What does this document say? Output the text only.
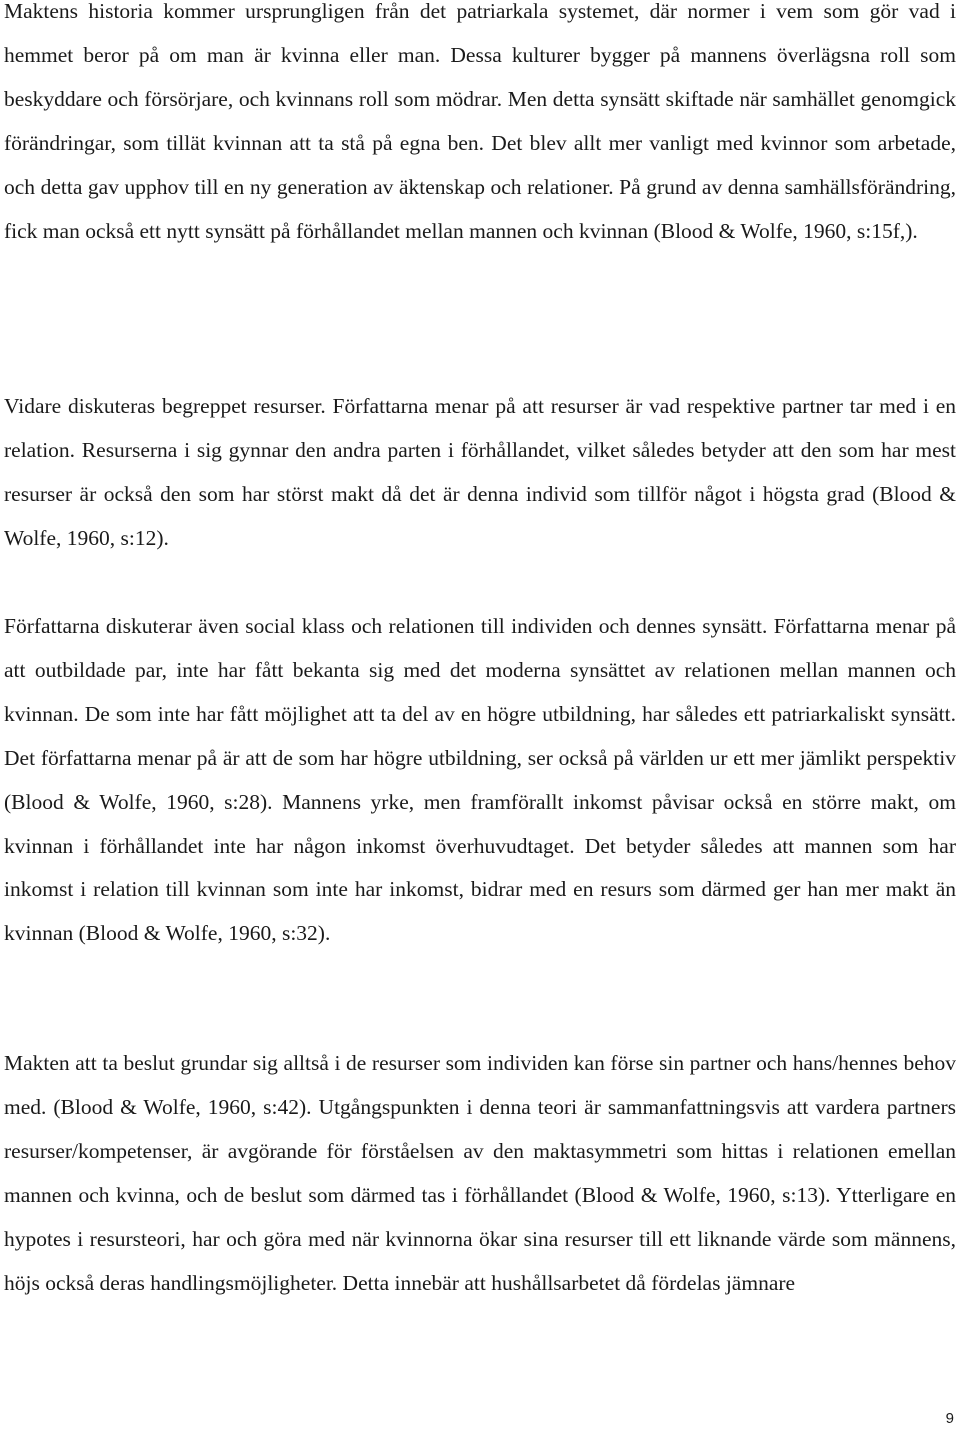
Maktens historia kommer ursprungligen från det patriarkala systemet, där normer i vem som gör vad i hemmet beror på om man är kvinna eller man. Dessa kulturer bygger på mannens överlägsna roll som beskyddare och försörjare, och kvinnans roll som mödrar. Men detta synsätt skiftade när samhället genomgick förändringar, som tillät kvinnan att ta stå på egna ben. Det blev allt mer vanligt med kvinnor som arbetade, och detta gav upphov till en ny generation av äktenskap och relationer. På grund av denna samhällsförändring, fick man också ett nytt synsätt på förhållandet mellan mannen och kvinnan (Blood & Wolfe, 1960, s:15f,).

Vidare diskuteras begreppet resurser. Författarna menar på att resurser är vad respektive partner tar med i en relation. Resurserna i sig gynnar den andra parten i förhållandet, vilket således betyder att den som har mest resurser är också den som har störst makt då det är denna individ som tillför något i högsta grad (Blood & Wolfe, 1960, s:12).

Författarna diskuterar även social klass och relationen till individen och dennes synsätt. Författarna menar på att outbildade par, inte har fått bekanta sig med det moderna synsättet av relationen mellan mannen och kvinnan. De som inte har fått möjlighet att ta del av en högre utbildning, har således ett patriarkaliskt synsätt. Det författarna menar på är att de som har högre utbildning, ser också på världen ur ett mer jämlikt perspektiv (Blood & Wolfe, 1960, s:28). Mannens yrke, men framförallt inkomst påvisar också en större makt, om kvinnan i förhållandet inte har någon inkomst överhuvudtaget. Det betyder således att mannen som har inkomst i relation till kvinnan som inte har inkomst, bidrar med en resurs som därmed ger han mer makt än kvinnan (Blood & Wolfe, 1960, s:32).

Makten att ta beslut grundar sig alltså i de resurser som individen kan förse sin partner och hans/hennes behov med. (Blood & Wolfe, 1960, s:42). Utgångspunkten i denna teori är sammanfattningsvis att vardera partners resurser/kompetenser, är avgörande för förståelsen av den maktasymmetri som hittas i relationen emellan mannen och kvinna, och de beslut som därmed tas i förhållandet (Blood & Wolfe, 1960, s:13). Ytterligare en hypotes i resursteori, har och göra med när kvinnorna ökar sina resurser till ett liknande värde som männens, höjs också deras handlingsmöjligheter. Detta innebär att hushållsarbetet då fördelas jämnare

9
